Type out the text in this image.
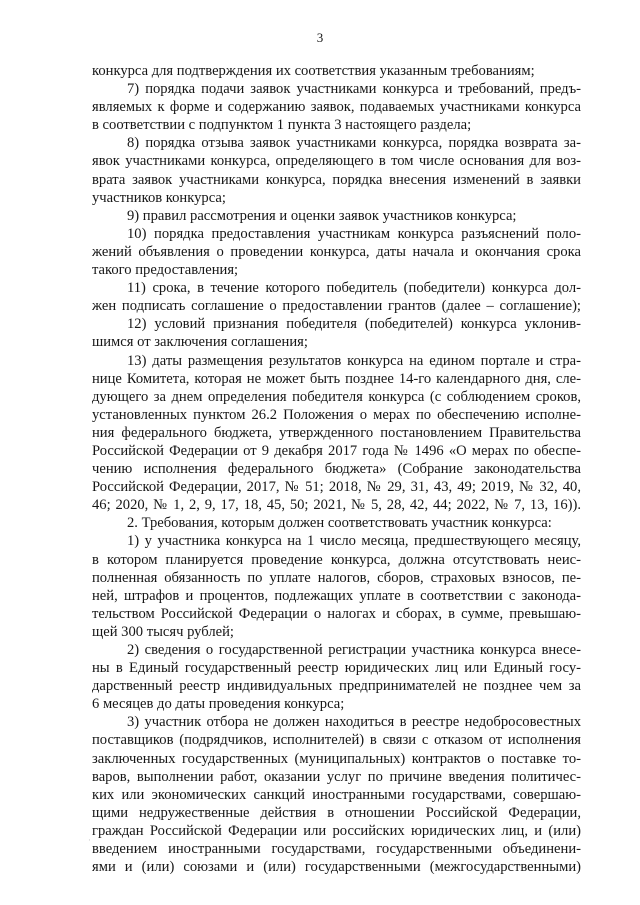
3
конкурса для подтверждения их соответствия указанным требованиям;
7) порядка подачи заявок участниками конкурса и требований, предъ-
являемых к форме и содержанию заявок, подаваемых участниками конкурса
в соответствии с подпунктом 1 пункта 3 настоящего раздела;
8) порядка отзыва заявок участниками конкурса, порядка возврата за-
явок участниками конкурса, определяющего в том числе основания для воз-
врата заявок участниками конкурса, порядка внесения изменений в заявки
участников конкурса;
9) правил рассмотрения и оценки заявок участников конкурса;
10) порядка предоставления участникам конкурса разъяснений поло-
жений объявления о проведении конкурса, даты начала и окончания срока
такого предоставления;
11) срока, в течение которого победитель (победители) конкурса дол-
жен подписать соглашение о предоставлении грантов (далее – соглашение);
12) условий признания победителя (победителей) конкурса уклонив-
шимся от заключения соглашения;
13) даты размещения результатов конкурса на едином портале и стра-
нице Комитета, которая не может быть позднее 14-го календарного дня, сле-
дующего за днем определения победителя конкурса (с соблюдением сроков,
установленных пунктом 26.2 Положения о мерах по обеспечению исполне-
ния федерального бюджета, утвержденного постановлением Правительства
Российской Федерации от 9 декабря 2017 года № 1496 «О мерах по обеспе-
чению исполнения федерального бюджета» (Собрание законодательства
Российской Федерации, 2017, № 51; 2018, № 29, 31, 43, 49; 2019, № 32, 40,
46; 2020, № 1, 2, 9, 17, 18, 45, 50; 2021, № 5, 28, 42, 44; 2022, № 7, 13, 16)).
2. Требования, которым должен соответствовать участник конкурса:
1) у участника конкурса на 1 число месяца, предшествующего месяцу,
в котором планируется проведение конкурса, должна отсутствовать неис-
полненная обязанность по уплате налогов, сборов, страховых взносов, пе-
ней, штрафов и процентов, подлежащих уплате в соответствии с законода-
тельством Российской Федерации о налогах и сборах, в сумме, превышаю-
щей 300 тысяч рублей;
2) сведения о государственной регистрации участника конкурса внесе-
ны в Единый государственный реестр юридических лиц или Единый госу-
дарственный реестр индивидуальных предпринимателей не позднее чем за
6 месяцев до даты проведения конкурса;
3) участник отбора не должен находиться в реестре недобросовестных
поставщиков (подрядчиков, исполнителей) в связи с отказом от исполнения
заключенных государственных (муниципальных) контрактов о поставке то-
варов, выполнении работ, оказании услуг по причине введения политичес-
ких или экономических санкций иностранными государствами, совершаю-
щими недружественные действия в отношении Российской Федерации,
граждан Российской Федерации или российских юридических лиц, и (или)
введением иностранными государствами, государственными объединени-
ями и (или) союзами и (или) государственными (межгосударственными)
·
